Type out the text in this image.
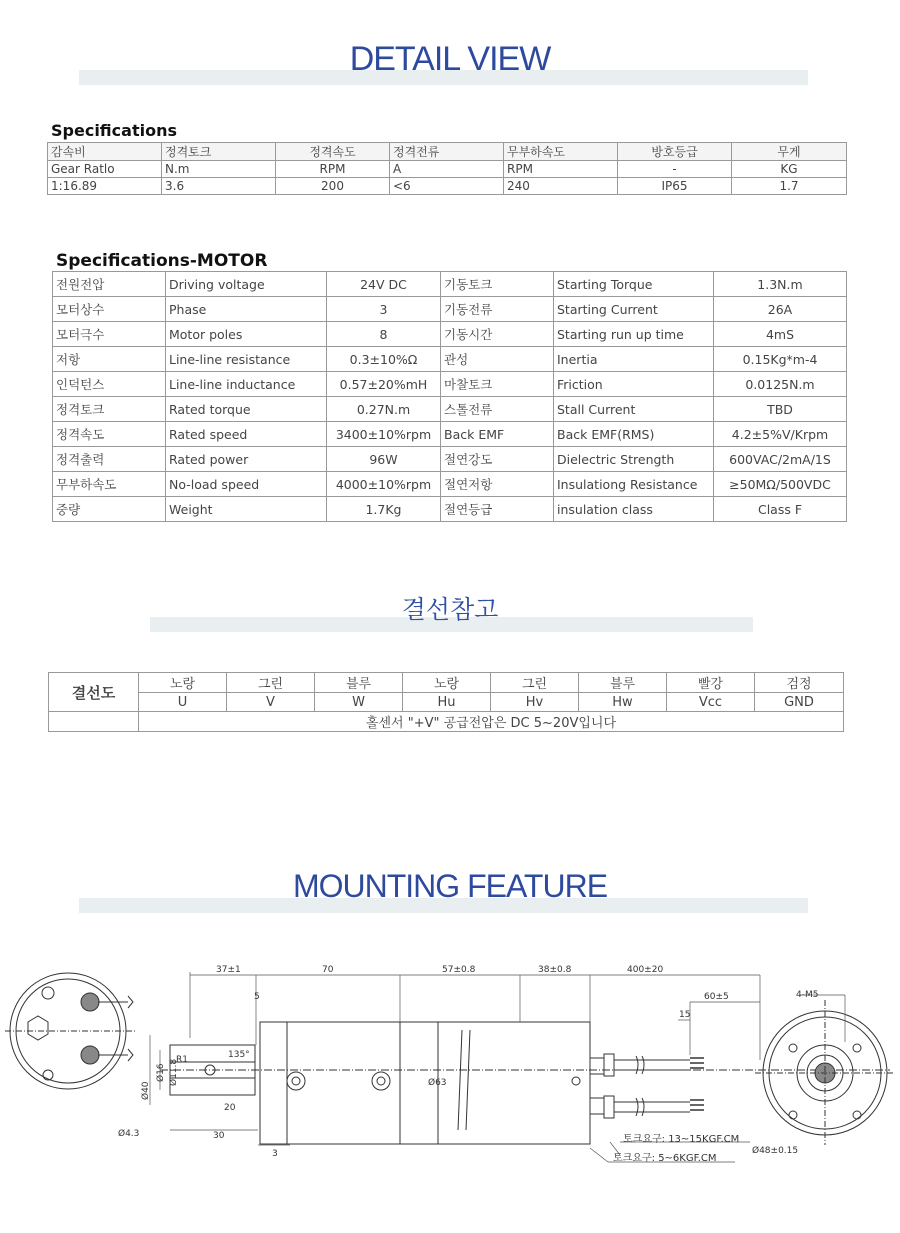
DETAIL VIEW
Specifications
감속비	정격토크	정격속도	정격전류	무부하속도	방호등급	무게
Gear Ratlo	N.m	RPM	A	RPM	-	KG
1:16.89	3.6	200	<6	240	IP65	1.7
Specifications-MOTOR
전원전압	Driving voltage	24V DC	기동토크	Starting Torque	1.3N.m
모터상수	Phase	3	기동전류	Starting Current	26A
모터극수	Motor poles	8	기동시간	Starting run up time	4mS
저항	Line-line resistance	0.3±10%Ω	관성	Inertia	0.15Kg*m-4
인덕턴스	Line-line inductance	0.57±20%mH	마찰토크	Friction	0.0125N.m
정격토크	Rated torque	0.27N.m	스톨전류	Stall Current	TBD
정격속도	Rated speed	3400±10%rpm	Back EMF	Back EMF(RMS)	4.2±5%V/Krpm
정격출력	Rated power	96W	절연강도	Dielectric Strength	600VAC/2mA/1S
무부하속도	No-load speed	4000±10%rpm	절연저항	Insulationg Resistance	≥50MΩ/500VDC
중량	Weight	1.7Kg	절연등급	insulation class	Class F
결선참고
결선도	노랑	그린	블루	노랑	그린	블루	빨강	검정
	U	V	W	Hu	Hv	Hw	Vcc	GND
	홀센서 "+V" 공급전압은 DC 5~20V입니다							
MOUNTING FEATURE
37±1	70	57±0.8	38±0.8	400±20
60±5
15
5
3
30
20
R1	135°
Ø40
Ø16 Ø11.8
Ø4.3
Ø63
4-M5
Ø48±0.15
토크요구: 13~15KGF.CM
토크요구: 5~6KGF.CM
